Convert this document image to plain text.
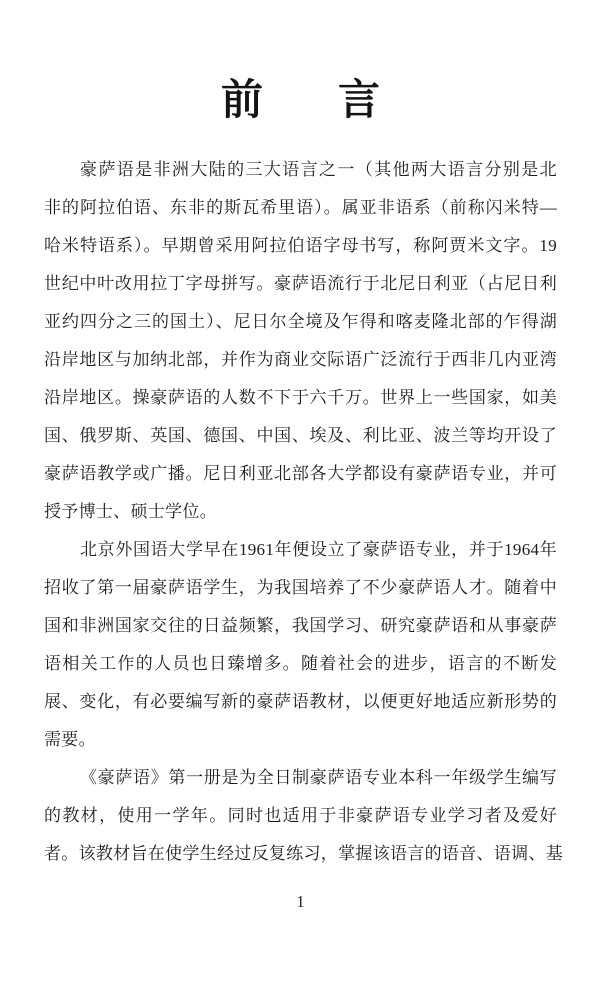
前 言
豪萨语是非洲大陆的三大语言之一（其他两大语言分别是北
非的阿拉伯语、东非的斯瓦希里语）。属亚非语系（前称闪米特—
哈米特语系）。早期曾采用阿拉伯语字母书写，称阿贾米文字。19
世纪中叶改用拉丁字母拼写。豪萨语流行于北尼日利亚（占尼日利
亚约四分之三的国土）、尼日尔全境及乍得和喀麦隆北部的乍得湖
沿岸地区与加纳北部，并作为商业交际语广泛流行于西非几内亚湾
沿岸地区。操豪萨语的人数不下于六千万。世界上一些国家，如美
国、俄罗斯、英国、德国、中国、埃及、利比亚、波兰等均开设了
豪萨语教学或广播。尼日利亚北部各大学都设有豪萨语专业，并可
授予博士、硕士学位。
北京外国语大学早在1961年便设立了豪萨语专业，并于1964年
招收了第一届豪萨语学生，为我国培养了不少豪萨语人才。随着中
国和非洲国家交往的日益频繁，我国学习、研究豪萨语和从事豪萨
语相关工作的人员也日臻增多。随着社会的进步，语言的不断发
展、变化，有必要编写新的豪萨语教材，以便更好地适应新形势的
需要。
《豪萨语》第一册是为全日制豪萨语专业本科一年级学生编写
的教材，使用一学年。同时也适用于非豪萨语专业学习者及爱好
者。该教材旨在使学生经过反复练习，掌握该语言的语音、语调、基
1
